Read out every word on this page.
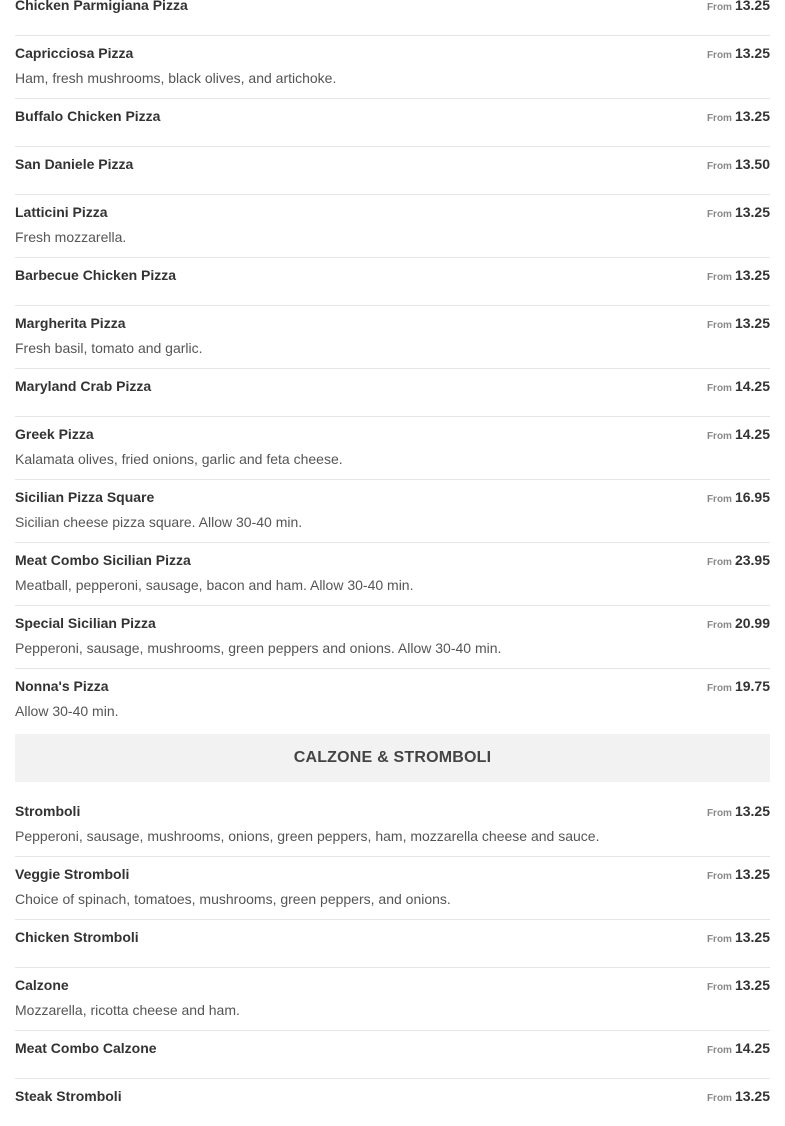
Chicken Parmigiana Pizza	From 13.25
Capricciosa Pizza	From 13.25
Ham, fresh mushrooms, black olives, and artichoke.
Buffalo Chicken Pizza	From 13.25
San Daniele Pizza	From 13.50
Latticini Pizza	From 13.25
Fresh mozzarella.
Barbecue Chicken Pizza	From 13.25
Margherita Pizza	From 13.25
Fresh basil, tomato and garlic.
Maryland Crab Pizza	From 14.25
Greek Pizza	From 14.25
Kalamata olives, fried onions, garlic and feta cheese.
Sicilian Pizza Square	From 16.95
Sicilian cheese pizza square. Allow 30-40 min.
Meat Combo Sicilian Pizza	From 23.95
Meatball, pepperoni, sausage, bacon and ham. Allow 30-40 min.
Special Sicilian Pizza	From 20.99
Pepperoni, sausage, mushrooms, green peppers and onions. Allow 30-40 min.
Nonna's Pizza	From 19.75
Allow 30-40 min.
CALZONE & STROMBOLI
Stromboli	From 13.25
Pepperoni, sausage, mushrooms, onions, green peppers, ham, mozzarella cheese and sauce.
Veggie Stromboli	From 13.25
Choice of spinach, tomatoes, mushrooms, green peppers, and onions.
Chicken Stromboli	From 13.25
Calzone	From 13.25
Mozzarella, ricotta cheese and ham.
Meat Combo Calzone	From 14.25
Steak Stromboli	From 13.25
